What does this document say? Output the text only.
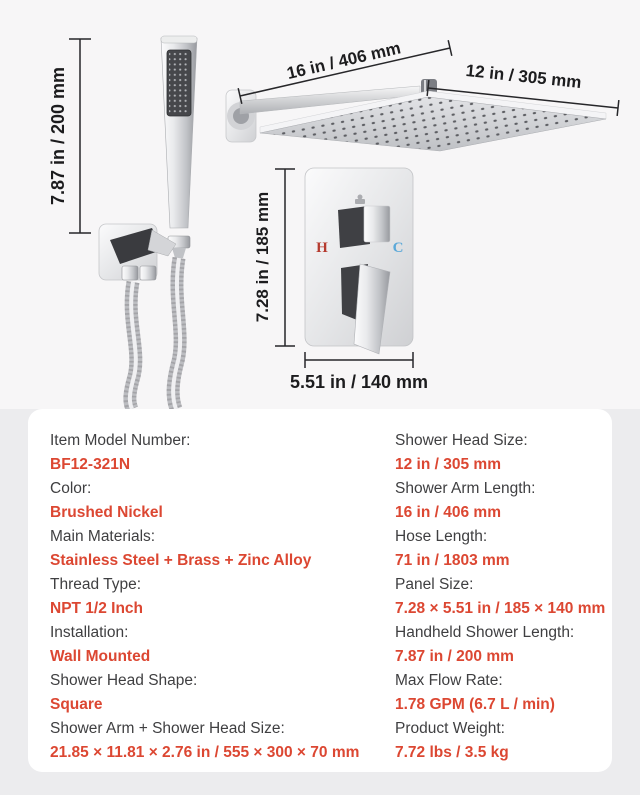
7.87 in / 200 mm
16 in / 406 mm	12 in / 305 mm
7.28 in / 185 mm	H	C
5.51 in / 140 mm
Item Model Number:
BF12-321N
Color:
Brushed Nickel
Main Materials:
Stainless Steel + Brass + Zinc Alloy
Thread Type:
NPT 1/2 Inch
Installation:
Wall Mounted
Shower Head Shape:
Square
Shower Arm + Shower Head Size:
21.85 × 11.81 × 2.76 in / 555 × 300 × 70 mm
Shower Head Size:
12 in / 305 mm
Shower Arm Length:
16 in / 406 mm
Hose Length:
71 in / 1803 mm
Panel Size:
7.28 × 5.51 in / 185 × 140 mm
Handheld Shower Length:
7.87 in / 200 mm
Max Flow Rate:
1.78 GPM (6.7 L / min)
Product Weight:
7.72 lbs / 3.5 kg
